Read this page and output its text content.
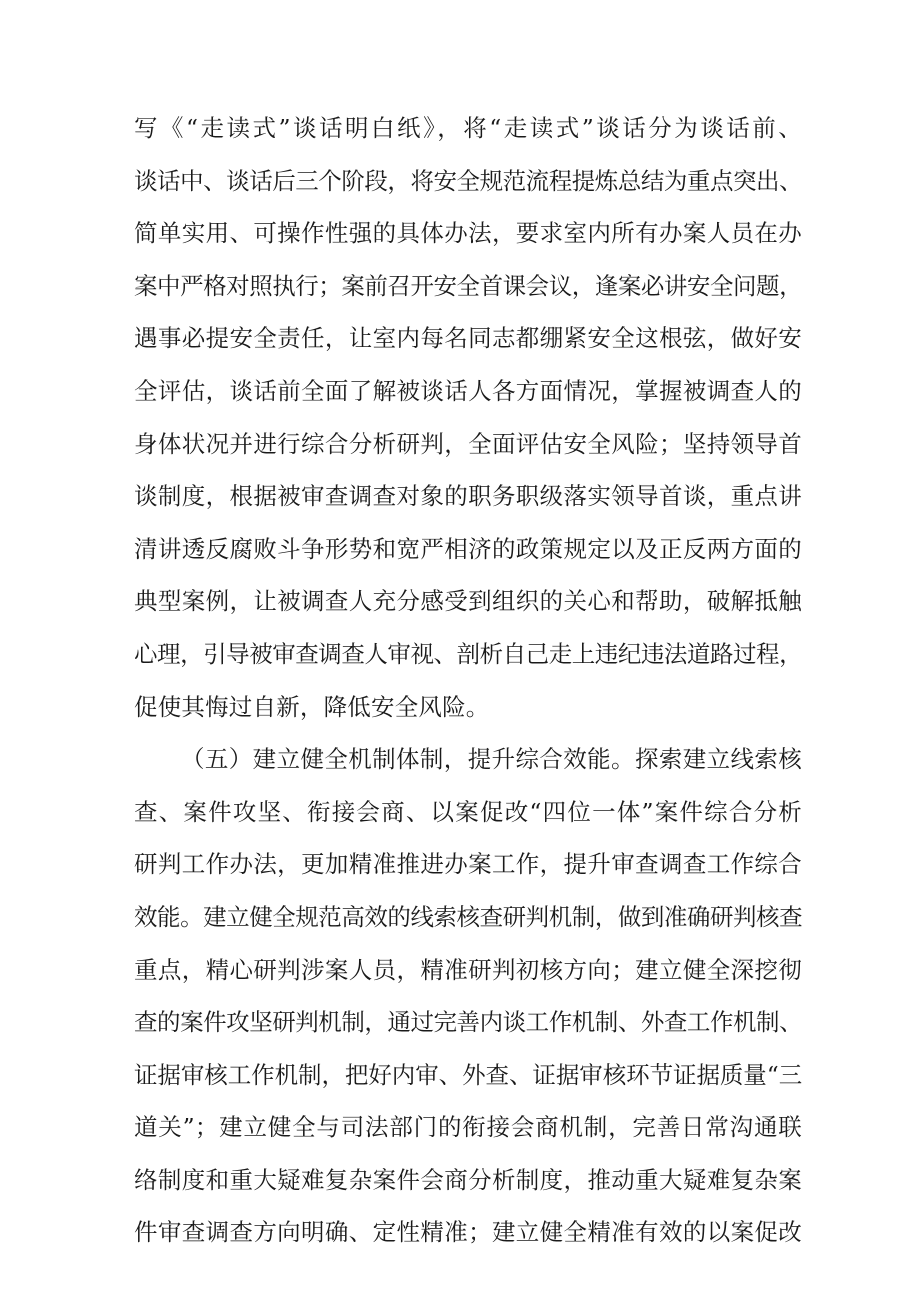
写《“走读式”谈话明白纸》，将“走读式”谈话分为谈话前、
谈话中、谈话后三个阶段，将安全规范流程提炼总结为重点突出、
简单实用、可操作性强的具体办法，要求室内所有办案人员在办
案中严格对照执行；案前召开安全首课会议，逢案必讲安全问题，
遇事必提安全责任，让室内每名同志都绷紧安全这根弦，做好安
全评估，谈话前全面了解被谈话人各方面情况，掌握被调查人的
身体状况并进行综合分析研判，全面评估安全风险；坚持领导首
谈制度，根据被审查调查对象的职务职级落实领导首谈，重点讲
清讲透反腐败斗争形势和宽严相济的政策规定以及正反两方面的
典型案例，让被调查人充分感受到组织的关心和帮助，破解抵触
心理，引导被审查调查人审视、剖析自己走上违纪违法道路过程，
促使其悔过自新，降低安全风险。
（五）建立健全机制体制，提升综合效能。探索建立线索核
查、案件攻坚、衔接会商、以案促改“四位一体”案件综合分析
研判工作办法，更加精准推进办案工作，提升审查调查工作综合
效能。建立健全规范高效的线索核查研判机制，做到准确研判核查
重点，精心研判涉案人员，精准研判初核方向；建立健全深挖彻
查的案件攻坚研判机制，通过完善内谈工作机制、外查工作机制、
证据审核工作机制，把好内审、外查、证据审核环节证据质量“三
道关”；建立健全与司法部门的衔接会商机制，完善日常沟通联
络制度和重大疑难复杂案件会商分析制度，推动重大疑难复杂案
件审查调查方向明确、定性精准；建立健全精准有效的以案促改
